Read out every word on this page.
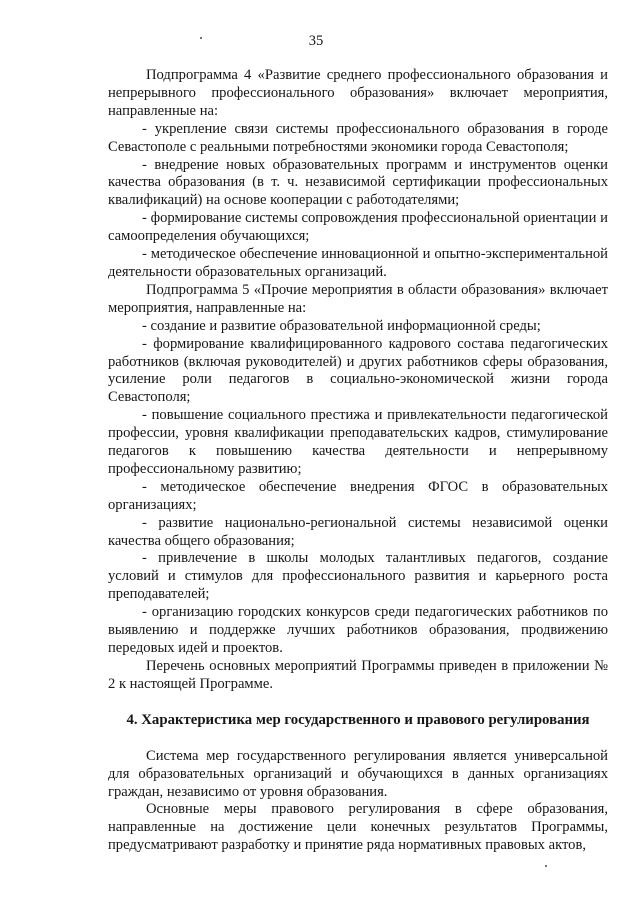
35

Подпрограмма 4 «Развитие среднего профессионального образования и непрерывного профессионального образования» включает мероприятия, направленные на:

- укрепление связи системы профессионального образования в городе Севастополе с реальными потребностями экономики города Севастополя;

- внедрение новых образовательных программ и инструментов оценки качества образования (в т. ч. независимой сертификации профессиональных квалификаций) на основе кооперации с работодателями;

- формирование системы сопровождения профессиональной ориентации и самоопределения обучающихся;

- методическое обеспечение инновационной и опытно-экспериментальной деятельности образовательных организаций.

Подпрограмма 5 «Прочие мероприятия в области образования» включает мероприятия, направленные на:

- создание и развитие образовательной информационной среды;

- формирование квалифицированного кадрового состава педагогических работников (включая руководителей) и других работников сферы образования, усиление роли педагогов в социально-экономической жизни города Севастополя;

- повышение социального престижа и привлекательности педагогической профессии, уровня квалификации преподавательских кадров, стимулирование педагогов к повышению качества деятельности и непрерывному профессиональному развитию;

- методическое обеспечение внедрения ФГОС в образовательных организациях;

- развитие национально-региональной системы независимой оценки качества общего образования;

- привлечение в школы молодых талантливых педагогов, создание условий и стимулов для профессионального развития и карьерного роста преподавателей;

- организацию городских конкурсов среди педагогических работников по выявлению и поддержке лучших работников образования, продвижению передовых идей и проектов.

Перечень основных мероприятий Программы приведен в приложении № 2 к настоящей Программе.

4. Характеристика мер государственного и правового регулирования

Система мер государственного регулирования является универсальной для образовательных организаций и обучающихся в данных организациях граждан, независимо от уровня образования.

Основные меры правового регулирования в сфере образования, направленные на достижение цели конечных результатов Программы, предусматривают разработку и принятие ряда нормативных правовых актов,
